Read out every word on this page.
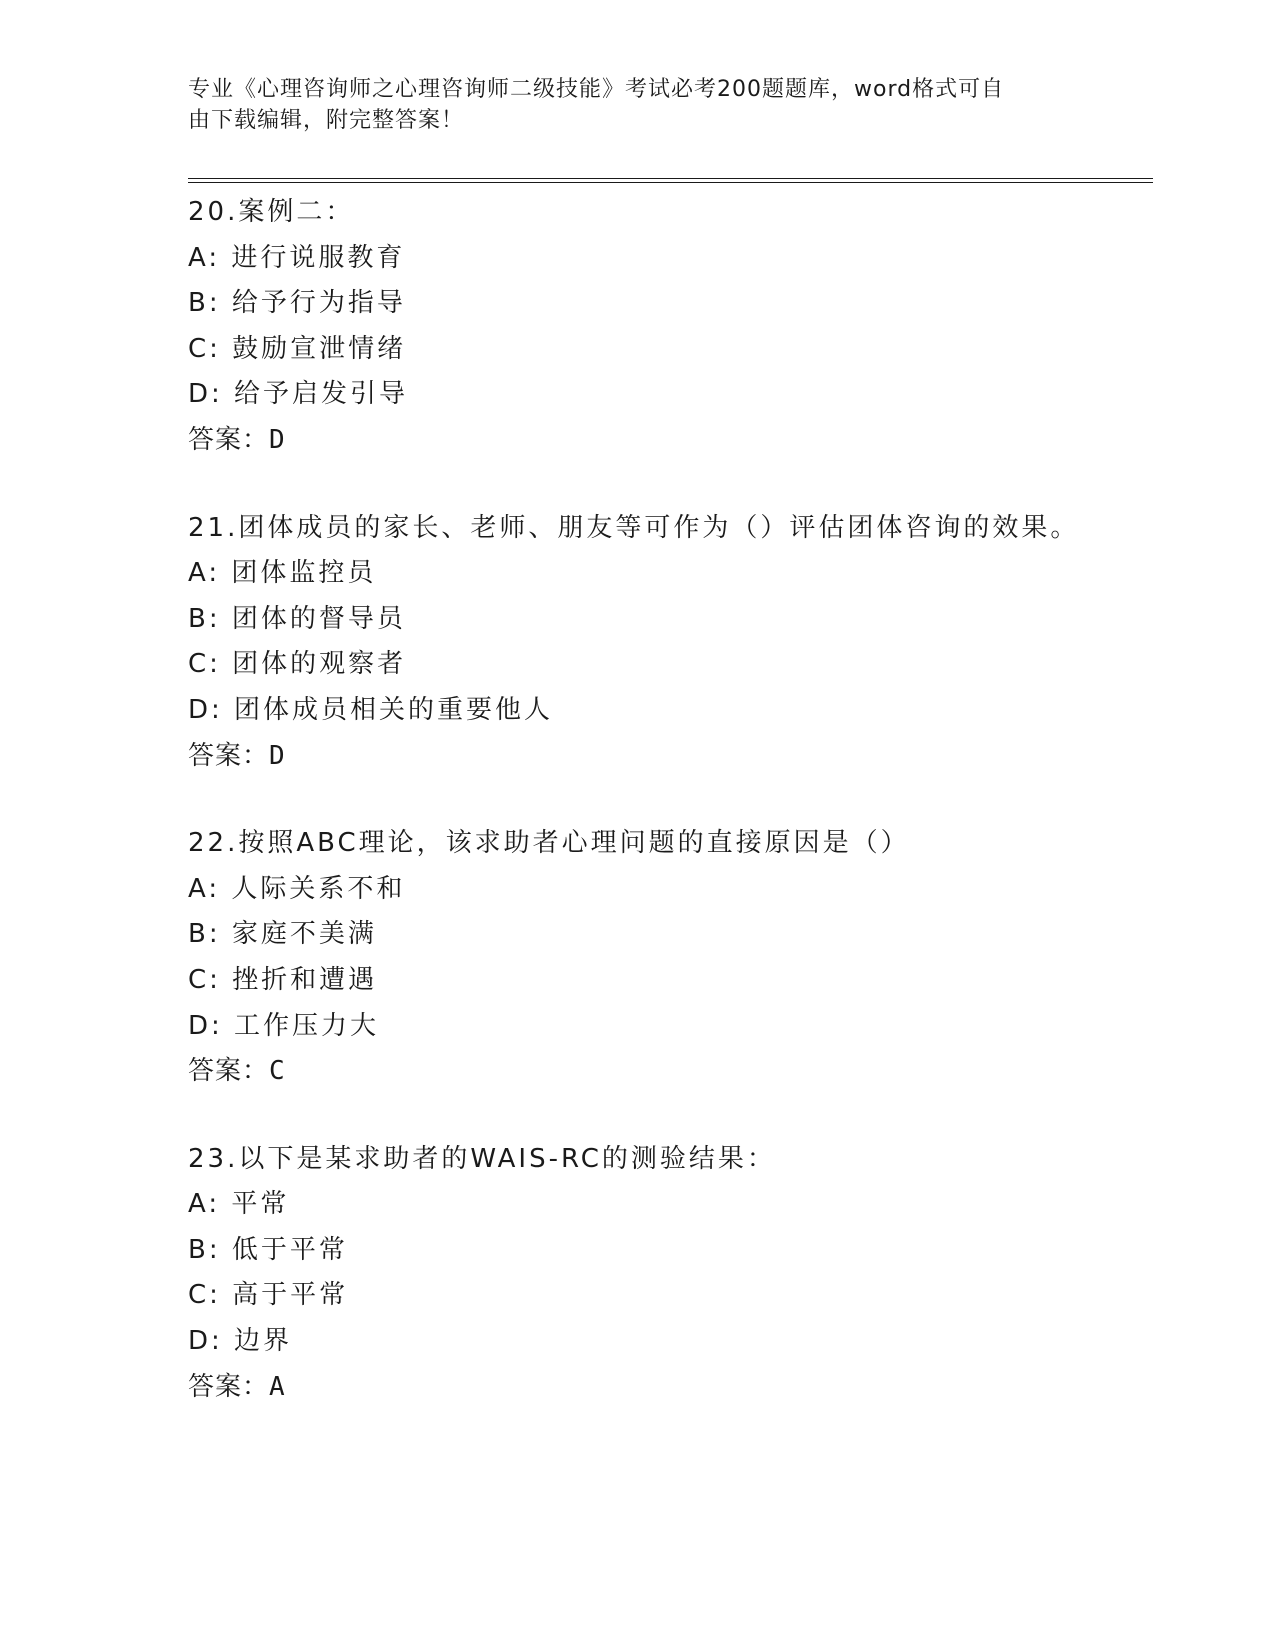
专业《心理咨询师之心理咨询师二级技能》考试必考200题题库，word格式可自
由下载编辑，附完整答案！
20.案例二：
A: 进行说服教育
B: 给予行为指导
C: 鼓励宣泄情绪
D: 给予启发引导
答案：D
21.团体成员的家长、老师、朋友等可作为（）评估团体咨询的效果。
A: 团体监控员
B: 团体的督导员
C: 团体的观察者
D: 团体成员相关的重要他人
答案：D
22.按照ABC理论，该求助者心理问题的直接原因是（）
A: 人际关系不和
B: 家庭不美满
C: 挫折和遭遇
D: 工作压力大
答案：C
23.以下是某求助者的WAIS-RC的测验结果：
A: 平常
B: 低于平常
C: 高于平常
D: 边界
答案：A
